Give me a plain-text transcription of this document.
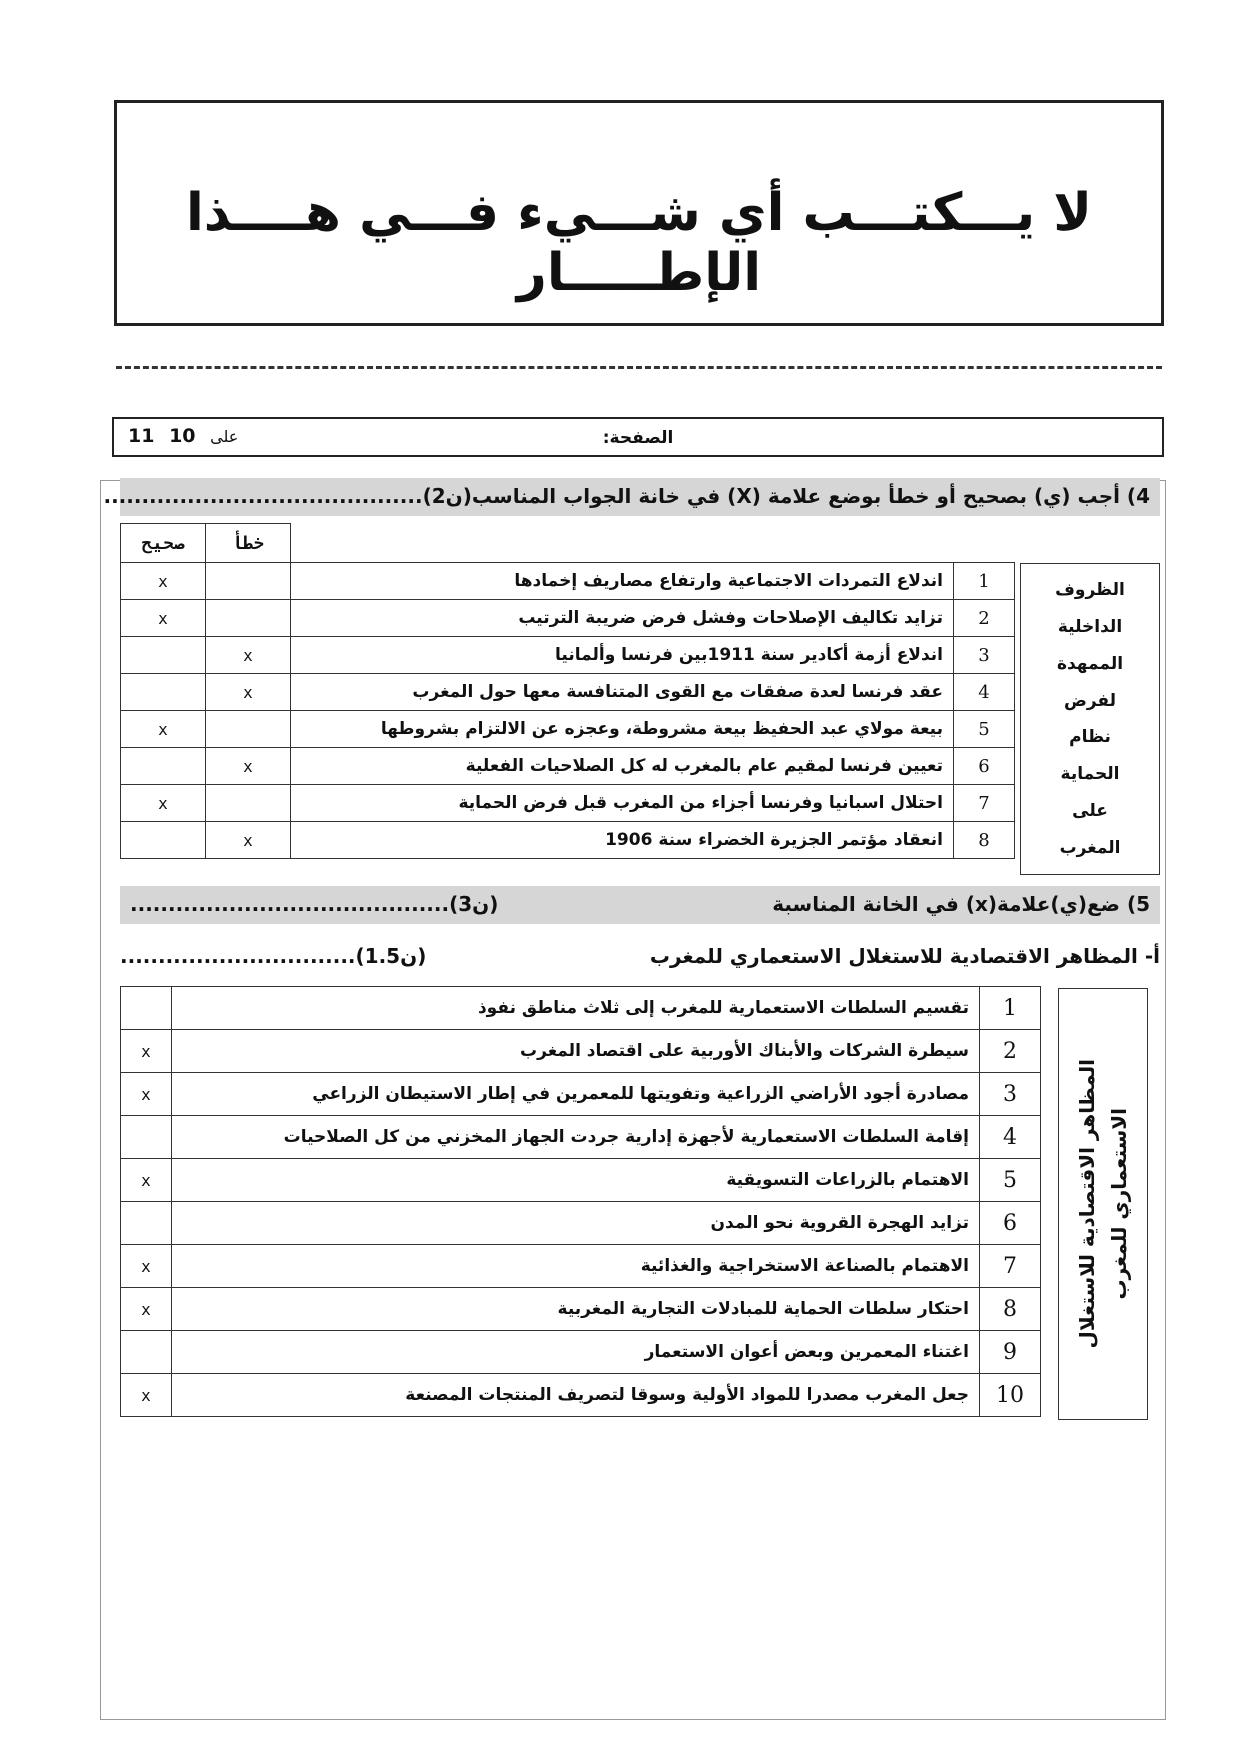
لا يـــكتـــب أي شـــيء فـــي هــــذا الإطـــــار
الصفحة:
11	على 10
4) أجب (ي) بصحيح أو خطأ بوضع علامة (X) في خانة الجواب المناسب
..........................................(2ن)
صحيح	خطأ		
x		اندلاع التمردات الاجتماعية وارتفاع مصاريف إخمادها	1
x		تزايد تكاليف الإصلاحات وفشل فرض ضريبة الترتيب	2
	x	اندلاع أزمة أكادير سنة 1911بين فرنسا وألمانيا	3
	x	عقد فرنسا لعدة صفقات مع القوى المتنافسة معها حول المغرب	4
x		بيعة مولاي عبد الحفيظ بيعة مشروطة، وعجزه عن الالتزام بشروطها	5
	x	تعيين فرنسا لمقيم عام بالمغرب له كل الصلاحيات الفعلية	6
x		احتلال اسبانيا وفرنسا أجزاء من المغرب قبل فرض الحماية	7
	x	انعقاد مؤتمر الجزيرة الخضراء سنة 1906	8
الظروف
الداخلية
الممهدة
لفرض
نظام
الحماية
على
المغرب
5) ضع(ي)علامة(x) في الخانة المناسبة
..........................................(3ن)
أ- المظاهر الاقتصادية للاستغلال الاستعماري للمغرب
...............................(1.5ن)
	تقسيم السلطات الاستعمارية للمغرب إلى ثلاث مناطق نفوذ	1
x	سيطرة الشركات والأبناك الأوربية على اقتصاد المغرب	2
x	مصادرة أجود الأراضي الزراعية وتفويتها للمعمرين في إطار الاستيطان الزراعي	3
	إقامة السلطات الاستعمارية لأجهزة إدارية جردت الجهاز المخزني من كل الصلاحيات	4
x	الاهتمام بالزراعات التسويقية	5
	تزايد الهجرة القروية نحو المدن	6
x	الاهتمام بالصناعة الاستخراجية والغذائية	7
x	احتكار سلطات الحماية للمبادلات التجارية المغربية	8
	اغتناء المعمرين وبعض أعوان الاستعمار	9
x	جعل المغرب مصدرا للمواد الأولية وسوقا لتصريف المنتجات المصنعة	10
المظاهر الاقتصادية للاستغلال الاستعماري للمغرب
